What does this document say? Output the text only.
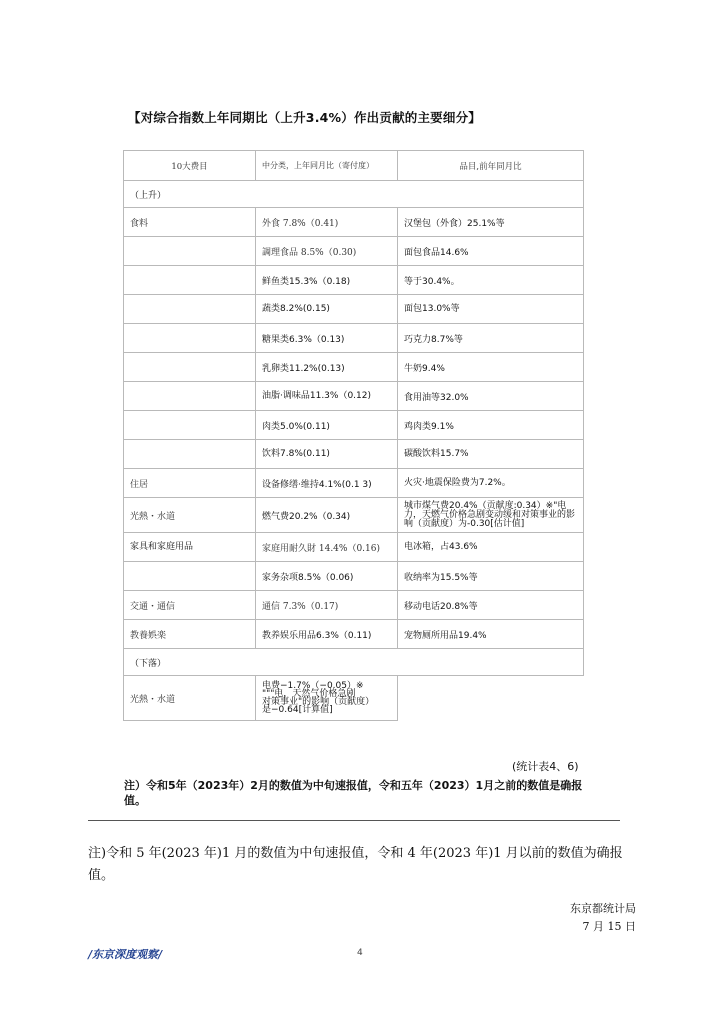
【对综合指数上年同期比（上升3.4%）作出贡献的主要细分】
10大费目	中分类，上年同月比（寄付度）	品目,前年同月比
（上升）		
食料	外食 7.8%（0.41)	汉堡包（外食）25.1%等
	調理食品 8.5%（0.30)	面包食品14.6%
	鲜鱼类15.3%（0.18)	等于30.4%。
	蔬类8.2%(0.15)	面包13.0%等
	糖果类6.3%（0.13)	巧克力8.7%等
	乳卵类11.2%(0.13)	牛奶9.4%
	油脂·调味品11.3%（0.12)	食用油等32.0%
	肉类5.0%(0.11)	鸡肉类9.1%
	饮料7.8%(0.11)	碳酸饮料15.7%
住居	设备修缮·维持4.1%(0.1 3)	火灾·地震保险费为7.2%。
光熱・水道	燃气费20.2%（0.34)	城市煤气费20.4%（贡献度:0.34）※"电力，天燃气价格急剧变动缓和对策事业的影响（贡献度）为-0.30[估计值]
家具和家庭用品	家庭用耐久財 14.4%（0.16)	电冰箱，占43.6%
	家务杂项8.5%（0.06)	收纳率为15.5%等
交通・通信	通信 7.3%（0.17)	移动电话20.8%等
教養娯楽	教养娱乐用品6.3%（0.11)	宠物厕所用品19.4%
（下落）		
光熱・水道	电费−1.7%（−0.05）※
"""电，天然气价格急剧
对策事业"的影响（贡献度）
是−0.64[计算值]	

(统计表4、6)
注）令和5年（2023年）2月的数值为中旬速报值，令和五年（2023）1月之前的数值是确报值。
注)令和 5 年(2023 年)1 月的数值为中旬速报值，令和 4 年(2023 年)1 月以前的数值为确报值。
东京都统计局
7 月 15 日
/东京深度观察/	4
